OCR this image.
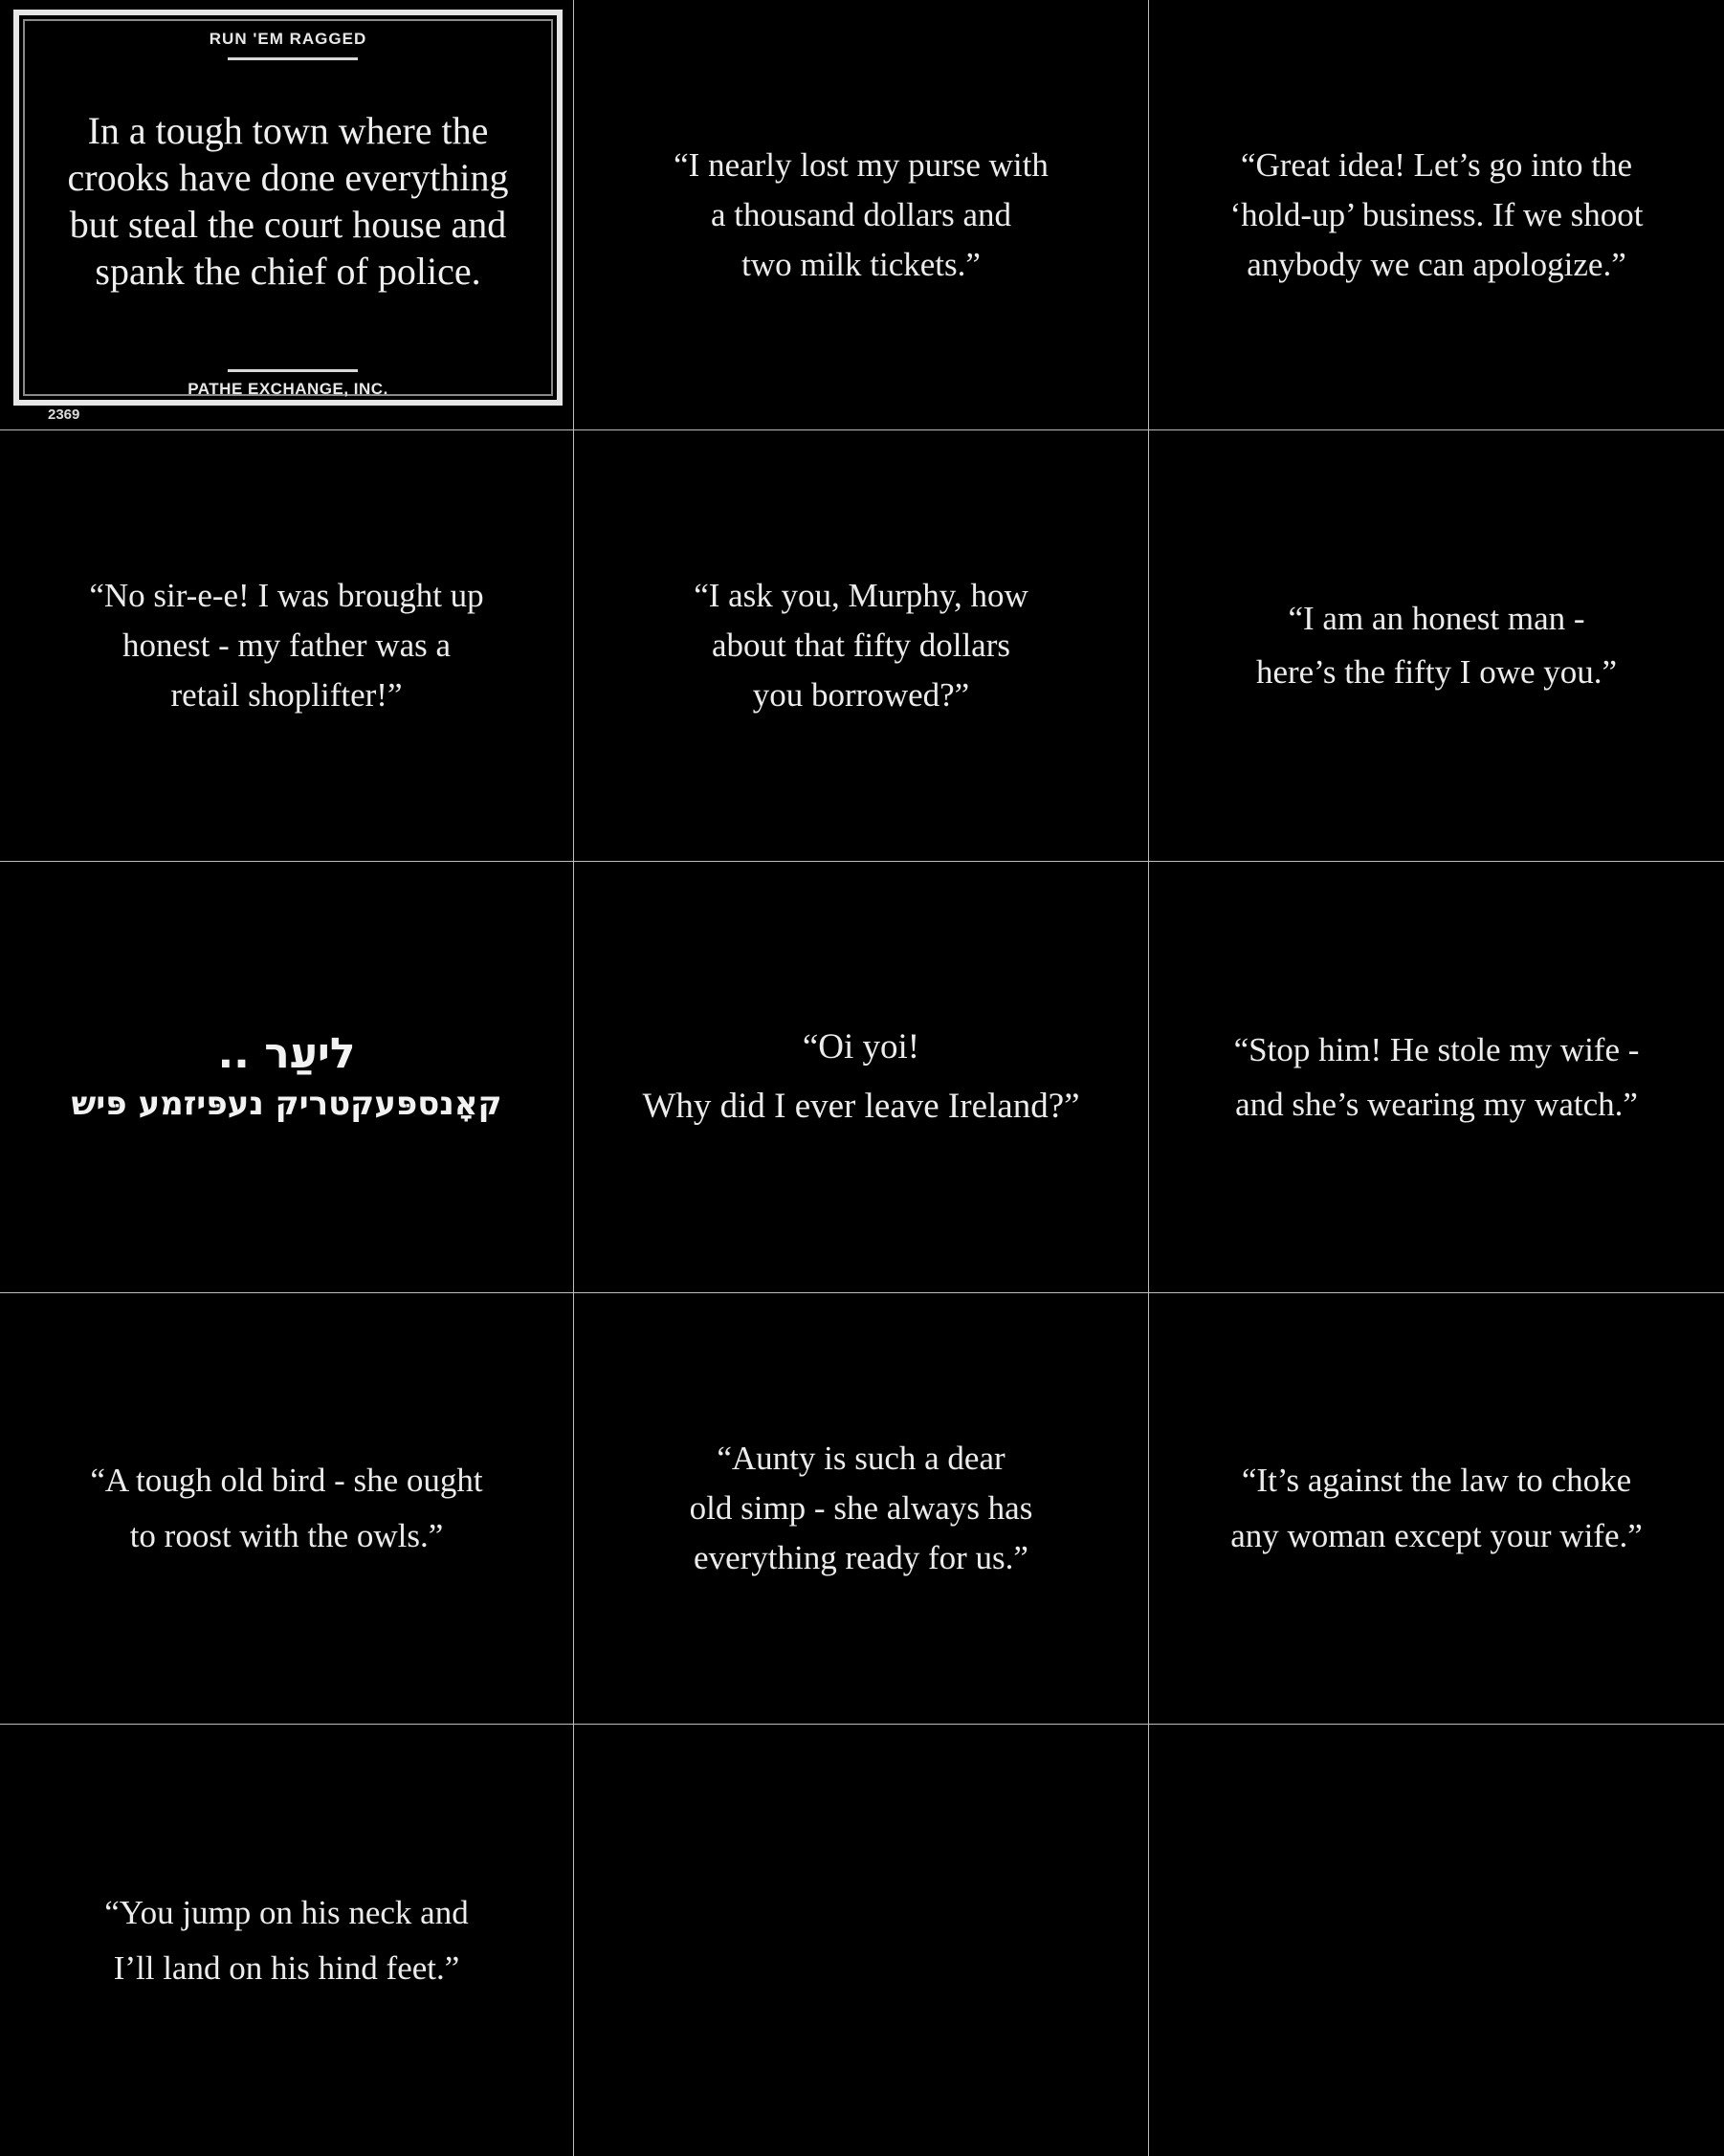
RUN 'EM RAGGED
In a tough town where the
crooks have done everything
but steal the court house and
spank the chief of police.
PATHE EXCHANGE, INC.
2369
“I nearly lost my purse with
a thousand dollars and
two milk tickets.”
“Great idea! Let’s go into the
‘hold-up’ business. If we shoot
anybody we can apologize.”
“No sir-e-e! I was brought up
honest - my father was a
retail shoplifter!”
“I ask you, Murphy, how
about that fifty dollars
you borrowed?”
“I am an honest man -
here’s the fifty I owe you.”
ליעַר ..
קאָנספּעקטריק נעפּיזמע פּיש
“Oi yoi!
Why did I ever leave Ireland?”
“Stop him! He stole my wife -
and she’s wearing my watch.”
“A tough old bird - she ought
to roost with the owls.”
“Aunty is such a dear
old simp - she always has
everything ready for us.”
“It’s against the law to choke
any woman except your wife.”
“You jump on his neck and
I’ll land on his hind feet.”
